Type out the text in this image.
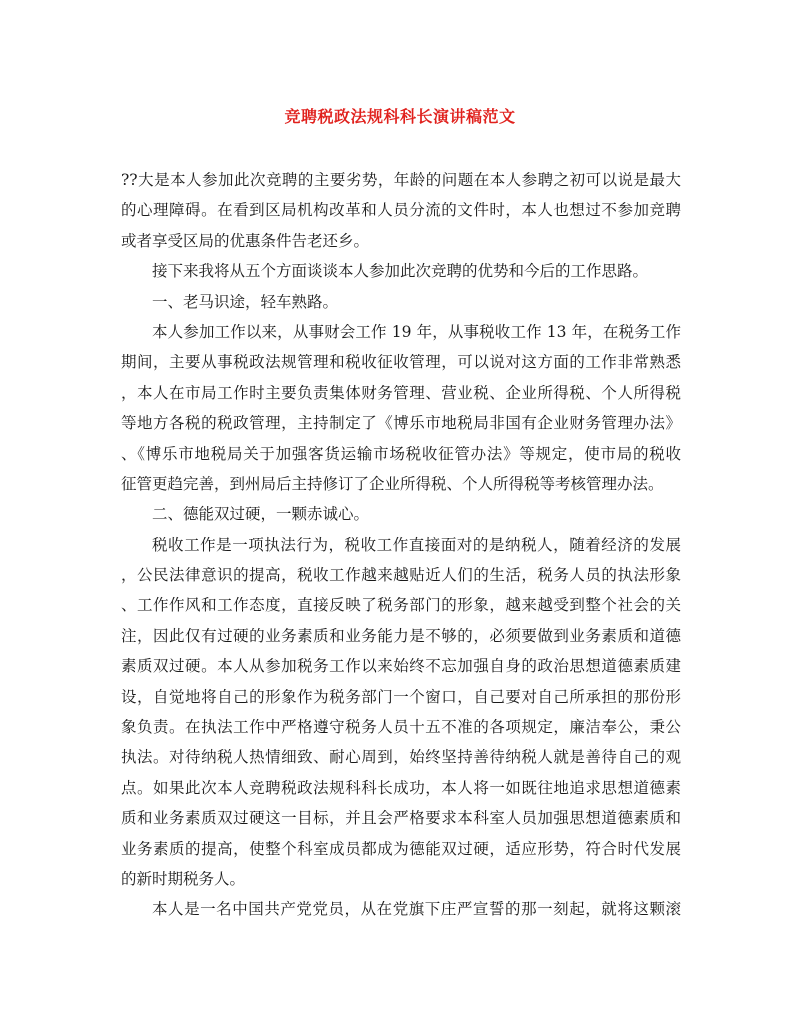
竞聘税政法规科科长演讲稿范文
??大是本人参加此次竞聘的主要劣势，年龄的问题在本人参聘之初可以说是最大
的心理障碍。在看到区局机构改革和人员分流的文件时，本人也想过不参加竞聘
或者享受区局的优惠条件告老还乡。
接下来我将从五个方面谈谈本人参加此次竞聘的优势和今后的工作思路。
一、老马识途，轻车熟路。
本人参加工作以来，从事财会工作 19 年，从事税收工作 13 年，在税务工作
期间，主要从事税政法规管理和税收征收管理，可以说对这方面的工作非常熟悉
，本人在市局工作时主要负责集体财务管理、营业税、企业所得税、个人所得税
等地方各税的税政管理，主持制定了《博乐市地税局非国有企业财务管理办法》
、《博乐市地税局关于加强客货运输市场税收征管办法》等规定，使市局的税收
征管更趋完善，到州局后主持修订了企业所得税、个人所得税等考核管理办法。
二、德能双过硬，一颗赤诚心。
税收工作是一项执法行为，税收工作直接面对的是纳税人，随着经济的发展
，公民法律意识的提高，税收工作越来越贴近人们的生活，税务人员的执法形象
、工作作风和工作态度，直接反映了税务部门的形象，越来越受到整个社会的关
注，因此仅有过硬的业务素质和业务能力是不够的，必须要做到业务素质和道德
素质双过硬。本人从参加税务工作以来始终不忘加强自身的政治思想道德素质建
设，自觉地将自己的形象作为税务部门一个窗口，自己要对自己所承担的那份形
象负责。在执法工作中严格遵守税务人员十五不准的各项规定，廉洁奉公，秉公
执法。对待纳税人热情细致、耐心周到，始终坚持善待纳税人就是善待自己的观
点。如果此次本人竞聘税政法规科科长成功，本人将一如既往地追求思想道德素
质和业务素质双过硬这一目标，并且会严格要求本科室人员加强思想道德素质和
业务素质的提高，使整个科室成员都成为德能双过硬，适应形势，符合时代发展
的新时期税务人。
本人是一名中国共产党党员，从在党旗下庄严宣誓的那一刻起，就将这颗滚
